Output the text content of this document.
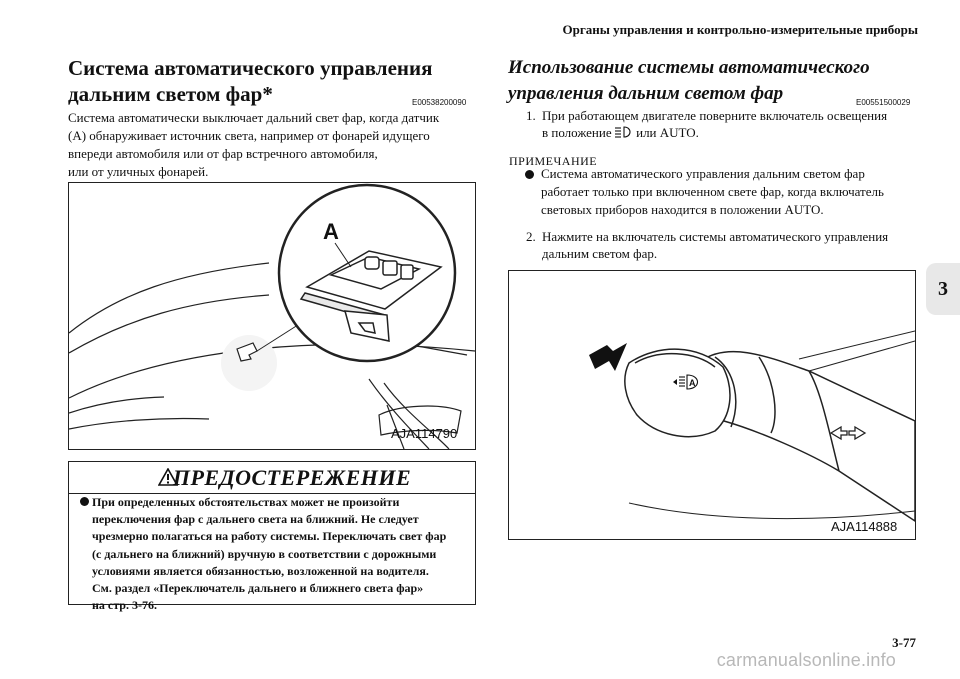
Органы управления и контрольно-измерительные приборы
3
Система автоматического управления дальним светом фар*	E00538200090
Система автоматически выключает дальний свет фар, когда датчик
(A) обнаруживает источник света, например от фонарей идущего
впереди автомобиля или от фар встречного автомобиля,
или от уличных фонарей.
A
AJA114790
ПРЕДОСТЕРЕЖЕНИЕ
При определенных обстоятельствах может не произойти
переключения фар с дальнего света на ближний. Не следует
чрезмерно полагаться на работу системы. Переключать свет фар
(с дальнего на ближний) вручную в соответствии с дорожными
условиями является обязанностью, возложенной на водителя.
См. раздел «Переключатель дальнего и ближнего света фар»
на стр. 3-76.
Использование системы автоматического
управления дальним светом фар	E00551500029
1. При работающем двигателе поверните включатель освещения
в положение  или AUTO.
ПРИМЕЧАНИЕ
Система автоматического управления дальним светом фар
работает только при включенном свете фар, когда включатель
световых приборов находится в положении AUTO.
2. Нажмите на включатель системы автоматического управления
дальним светом фар.
A
AJA114888
3-77
carmanualsonline.info
